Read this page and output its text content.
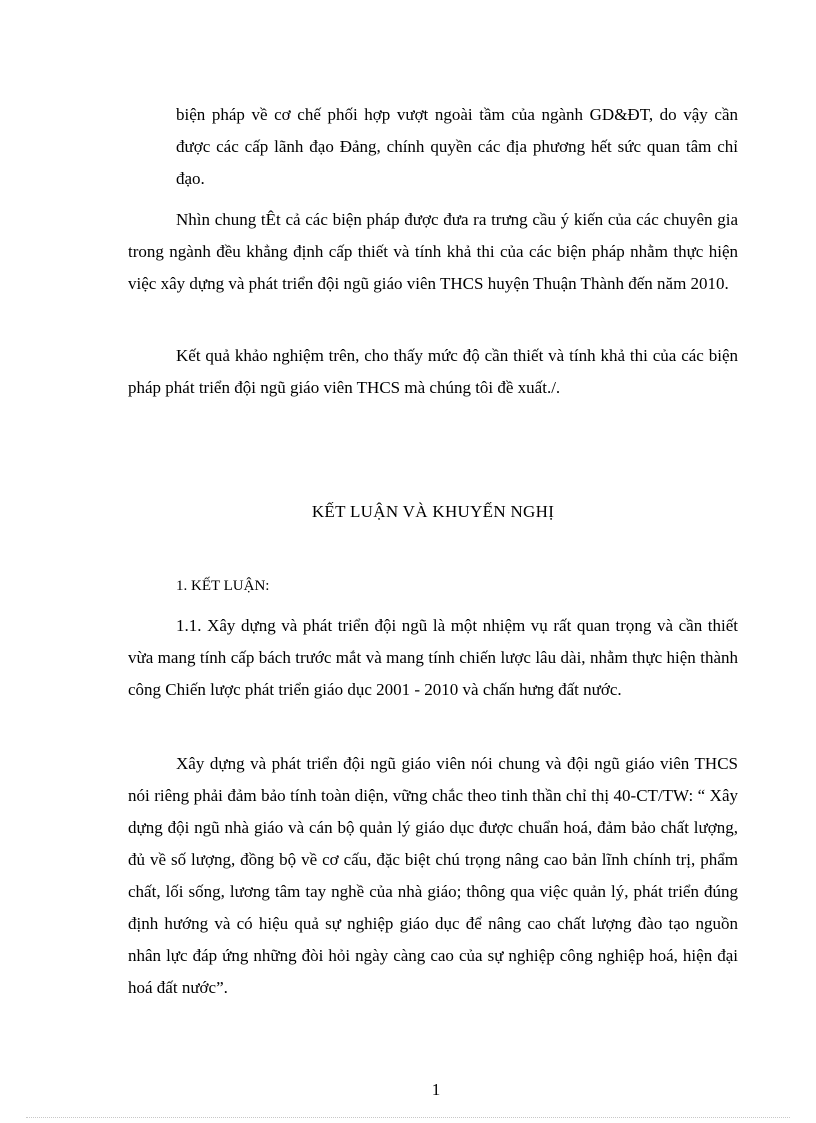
biện pháp về cơ chế phối hợp vượt ngoài tầm của ngành GD&ĐT, do vậy cần được các cấp lãnh đạo Đảng, chính quyền các địa phương hết sức quan tâm chỉ đạo.

Nhìn chung tÊt cả các biện pháp được đưa ra trưng cầu ý kiến của các chuyên gia trong ngành đều khẳng định cấp thiết và tính khả thi của các biện pháp nhằm thực hiện việc xây dựng và phát triển đội ngũ giáo viên THCS huyện Thuận Thành đến năm 2010.

Kết quả khảo nghiệm trên, cho thấy mức độ cần thiết và tính khả thi của các biện pháp phát triển đội ngũ giáo viên THCS mà chúng tôi đề xuất./.

KẾT LUẬN VÀ KHUYẾN NGHỊ
1. KẾT LUẬN:

1.1. Xây dựng và phát triển đội ngũ là một nhiệm vụ rất quan trọng và cần thiết vừa mang tính cấp bách trước mắt và mang tính chiến lược lâu dài, nhằm thực hiện thành công Chiến lược phát triển giáo dục 2001 - 2010 và chấn hưng đất nước.

Xây dựng và phát triển đội ngũ giáo viên nói chung và đội ngũ giáo viên THCS nói riêng phải đảm bảo tính toàn diện, vững chắc theo tinh thần chỉ thị 40-CT/TW: “ Xây dựng đội ngũ nhà giáo và cán bộ quản lý giáo dục được chuẩn hoá, đảm bảo chất lượng, đủ về số lượng, đồng bộ về cơ cấu, đặc biệt chú trọng nâng cao bản lĩnh chính trị, phẩm chất, lối sống, lương tâm tay nghề của nhà giáo; thông qua việc quản lý, phát triển đúng định hướng và có hiệu quả sự nghiệp giáo dục để nâng cao chất lượng đào tạo nguồn nhân lực đáp ứng những đòi hỏi ngày càng cao của sự nghiệp công nghiệp hoá, hiện đại hoá đất nước”.

1
